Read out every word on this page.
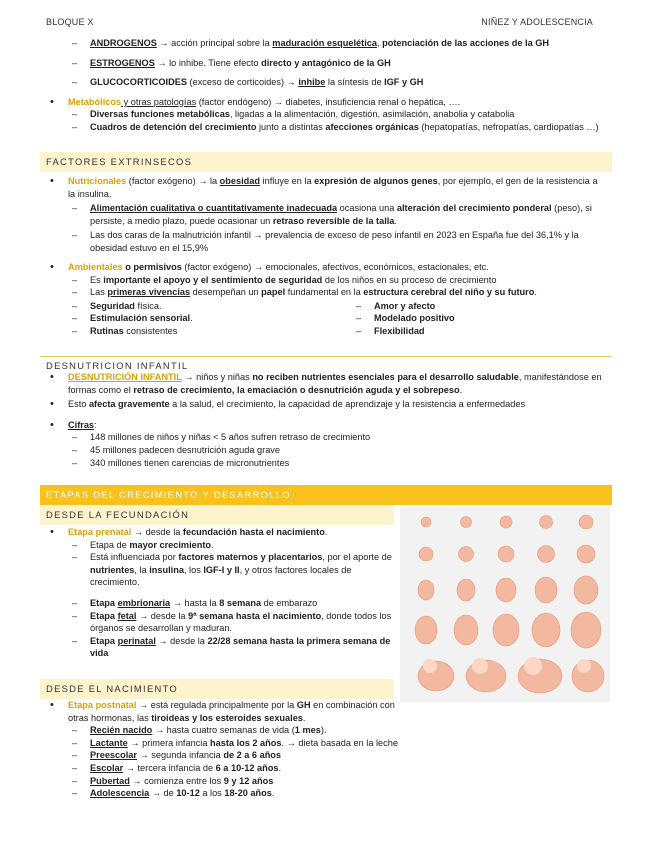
BLOQUE X	NIÑEZ Y ADOLESCENCIA
– ANDROGENOS → acción principal sobre la maduración esquelética, potenciación de las acciones de la GH
– ESTROGENOS → lo inhibe. Tiene efecto directo y antagónico de la GH
– GLUCOCORTICOIDES (exceso de corticoides) → inhibe la síntesis de IGF y GH
• Metabólicos y otras patologías (factor endógeno) → diabetes, insuficiencia renal o hepática, ….
– Diversas funciones metabólicas, ligadas a la alimentación, digestión, asimilación, anabolia y catabolia
– Cuadros de detención del crecimiento junto a distintas afecciones orgánicas (hepatopatías, nefropatías, cardiopatías …)
FACTORES EXTRINSECOS
• Nutricionales (factor exógeno) → la obesidad influye en la expresión de algunos genes, por ejemplo, el gen de la resistencia a la insulina.
– Alimentación cualitativa o cuantitativamente inadecuada ocasiona una alteración del crecimiento ponderal (peso), si persiste, a medio plazo, puede ocasionar un retraso reversible de la talla.
– Las dos caras de la malnutrición infantil → prevalencia de exceso de peso infantil en 2023 en España fue del 36,1% y la obesidad estuvo en el 15,9%
• Ambientales o permisivos (factor exógeno) → emocionales, afectivos, económicos, estacionales, etc.
– Es importante el apoyo y el sentimiento de seguridad de los niños en su proceso de crecimiento
– Las primeras vivencias desempeñan un papel fundamental en la estructura cerebral del niño y su futuro.
– Seguridad física.
– Estimulación sensorial.
– Rutinas consistentes
– Amor y afecto
– Modelado positivo
– Flexibilidad
DESNUTRICION INFANTIL
• DESNUTRICIÓN INFANTIL → niños y niñas no reciben nutrientes esenciales para el desarrollo saludable, manifestándose en formas como el retraso de crecimiento, la emaciación o desnutrición aguda y el sobrepeso.
• Esto afecta gravemente a la salud, el crecimiento, la capacidad de aprendizaje y la resistencia a enfermedades
• Cifras:
– 148 millones de niños y niñas < 5 años sufren retraso de crecimiento
– 45 millones padecen desnutrición aguda grave
– 340 millones tienen carencias de micronutrientes
ETAPAS DEL CRECIMIENTO Y DESARROLLO
DESDE LA FECUNDACIÓN
• Etapa prenatal → desde la fecundación hasta el nacimiento.
– Etapa de mayor crecimiento.
– Está influenciada por factores maternos y placentarios, por el aporte de nutrientes, la insulina, los IGF-I y II, y otros factores locales de crecimiento.
– Etapa embrionaria → hasta la 8 semana de embarazo
– Etapa fetal → desde la 9ª semana hasta el nacimiento, donde todos los órganos se desarrollan y maduran.
– Etapa perinatal → desde la 22/28 semana hasta la primera semana de vida
DESDE EL NACIMIENTO
• Etapa postnatal → está regulada principalmente por la GH en combinación con otras hormonas, las tiroideas y los esteroides sexuales.
– Recién nacido → hasta cuatro semanas de vida (1 mes).
– Lactante → primera infancia hasta los 2 años. → dieta basada en la leche
– Preescolar → segunda infancia de 2 a 6 años
– Escolar → tercera infancia de 6 a 10-12 años.
– Pubertad → comienza entre los 9 y 12 años
– Adolescencia → de 10-12 a los 18-20 años.
